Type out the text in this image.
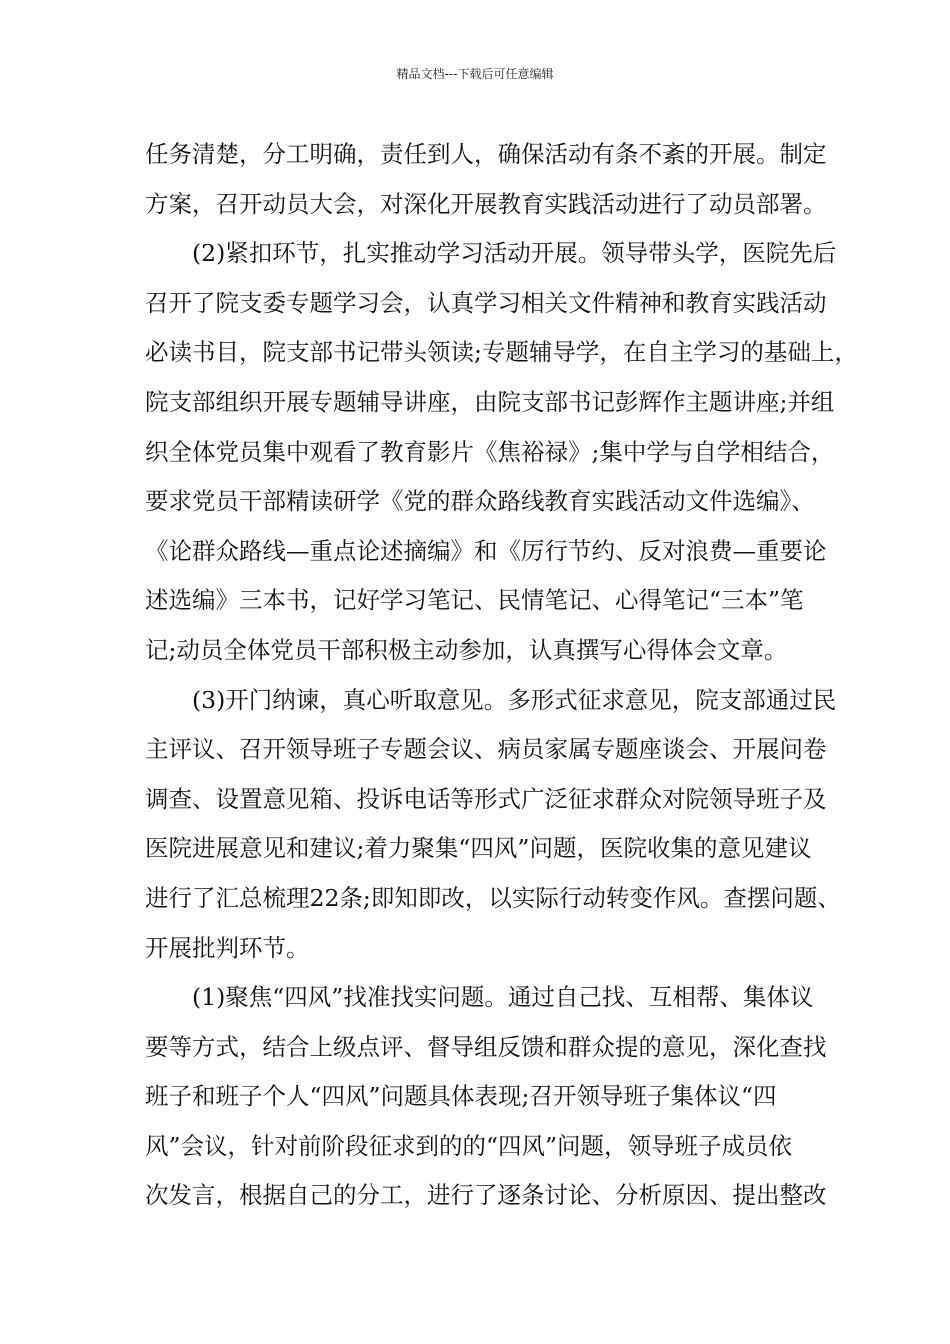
精品文档---下载后可任意编辑
任务清楚，分工明确，责任到人，确保活动有条不紊的开展。制定
方案，召开动员大会，对深化开展教育实践活动进行了动员部署。
　　(2)紧扣环节，扎实推动学习活动开展。领导带头学，医院先后
召开了院支委专题学习会，认真学习相关文件精神和教育实践活动
必读书目，院支部书记带头领读;专题辅导学，在自主学习的基础上，
院支部组织开展专题辅导讲座，由院支部书记彭辉作主题讲座;并组
织全体党员集中观看了教育影片《焦裕禄》;集中学与自学相结合，
要求党员干部精读研学《党的群众路线教育实践活动文件选编》、
《论群众路线—重点论述摘编》和《厉行节约、反对浪费—重要论
述选编》三本书，记好学习笔记、民情笔记、心得笔记“三本”笔
记;动员全体党员干部积极主动参加，认真撰写心得体会文章。
　　(3)开门纳谏，真心听取意见。多形式征求意见，院支部通过民
主评议、召开领导班子专题会议、病员家属专题座谈会、开展问卷
调查、设置意见箱、投诉电话等形式广泛征求群众对院领导班子及
医院进展意见和建议;着力聚集“四风”问题，医院收集的意见建议
进行了汇总梳理22条;即知即改，以实际行动转变作风。查摆问题、
开展批判环节。
　　(1)聚焦“四风”找准找实问题。通过自己找、互相帮、集体议
要等方式，结合上级点评、督导组反馈和群众提的意见，深化查找
班子和班子个人“四风”问题具体表现;召开领导班子集体议“四
风”会议，针对前阶段征求到的的“四风”问题，领导班子成员依
次发言，根据自己的分工，进行了逐条讨论、分析原因、提出整改
